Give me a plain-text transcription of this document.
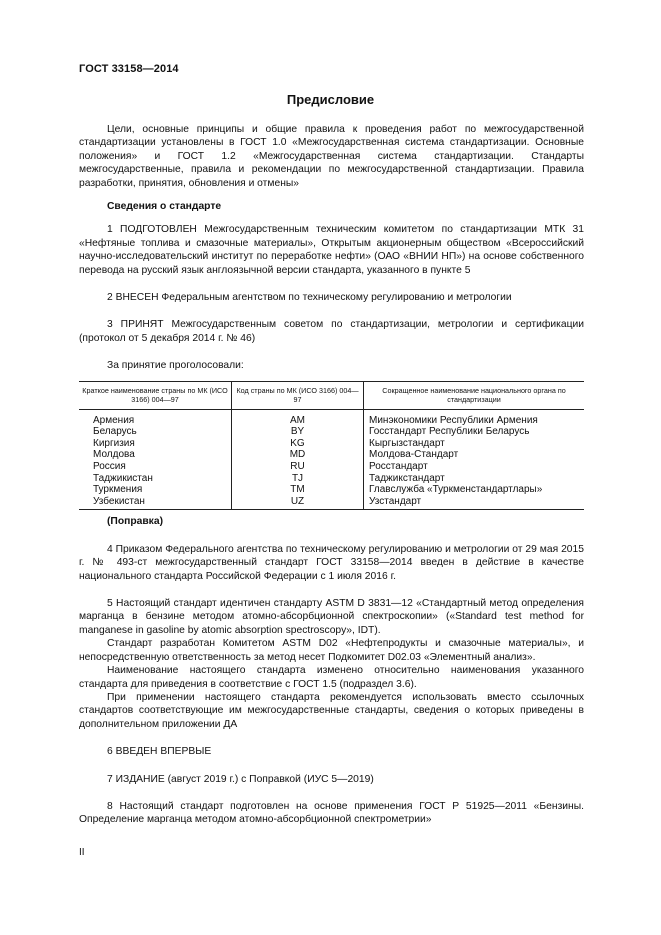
ГОСТ 33158—2014
Предисловие

Цели, основные принципы и общие правила к проведения работ по межгосударственной стандартизации установлены в ГОСТ 1.0 «Межгосударственная система стандартизации. Основные положения» и ГОСТ 1.2 «Межгосударственная система стандартизации. Стандарты межгосударственные, правила и рекомендации по межгосударственной стандартизации. Правила разработки, принятия, обновления и отмены»

Сведения о стандарте

1 ПОДГОТОВЛЕН Межгосударственным техническим комитетом по стандартизации МТК 31 «Нефтяные топлива и смазочные материалы», Открытым акционерным обществом «Всероссийский научно-исследовательский институт по переработке нефти» (ОАО «ВНИИ НП») на основе собственного перевода на русский язык англоязычной версии стандарта, указанного в пункте 5

2 ВНЕСЕН Федеральным агентством по техническому регулированию и метрологии

3 ПРИНЯТ Межгосударственным советом по стандартизации, метрологии и сертификации (протокол от 5 декабря 2014 г. № 46)

За принятие проголосовали:

Краткое наименование страны по МК (ИСО 3166) 004—97	Код страны по МК (ИСО 3166) 004—97	Сокращенное наименование национального органа по стандартизации
Армения	AM	Минэкономики Республики Армения
Беларусь	BY	Госстандарт Республики Беларусь
Киргизия	KG	Кыргызстандарт
Молдова	MD	Молдова-Стандарт
Россия	RU	Росстандарт
Таджикистан	TJ	Таджикстандарт
Туркмения	TM	Главслужба «Туркменстандартлары»
Узбекистан	UZ	Узстандарт

(Поправка)

4 Приказом Федерального агентства по техническому регулированию и метрологии от 29 мая 2015 г. № 493-ст межгосударственный стандарт ГОСТ 33158—2014 введен в действие в качестве национального стандарта Российской Федерации с 1 июля 2016 г.

5 Настоящий стандарт идентичен стандарту ASTM D 3831—12 «Стандартный метод определения марганца в бензине методом атомно-абсорбционной спектроскопии» («Standard test method for manganese in gasoline by atomic absorption spectroscopy», IDT).

Стандарт разработан Комитетом ASTM D02 «Нефтепродукты и смазочные материалы», и непосредственную ответственность за метод несет Подкомитет D02.03 «Элементный анализ».

Наименование настоящего стандарта изменено относительно наименования указанного стандарта для приведения в соответствие с ГОСТ 1.5 (подраздел 3.6).

При применении настоящего стандарта рекомендуется использовать вместо ссылочных стандартов соответствующие им межгосударственные стандарты, сведения о которых приведены в дополнительном приложении ДА

6 ВВЕДЕН ВПЕРВЫЕ

7 ИЗДАНИЕ (август 2019 г.) с Поправкой (ИУС 5—2019)

8 Настоящий стандарт подготовлен на основе применения ГОСТ Р 51925—2011 «Бензины. Определение марганца методом атомно-абсорбционной спектрометрии»

II
